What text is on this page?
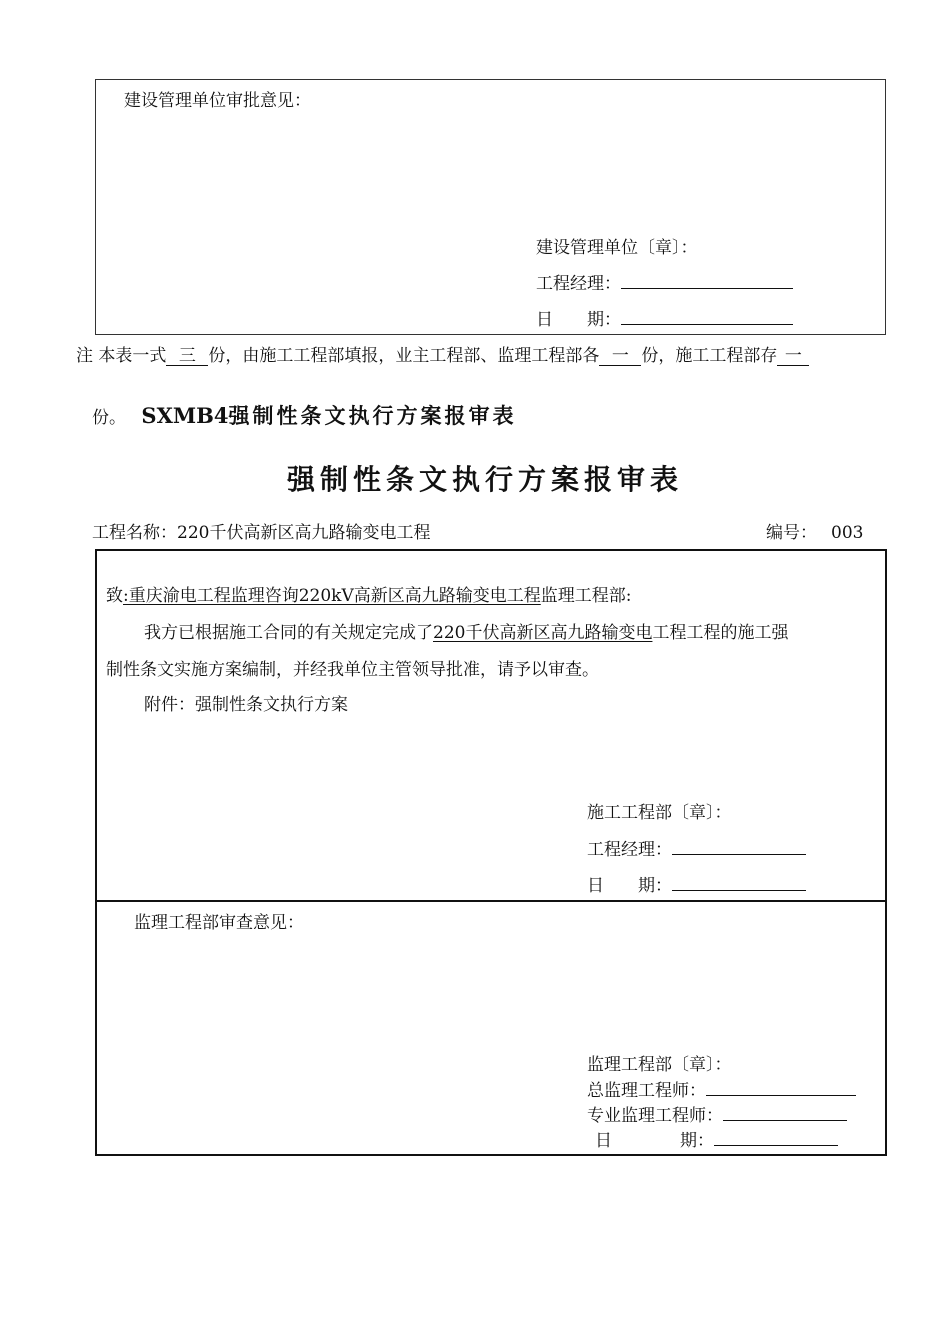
建设管理单位审批意见：
建设管理单位〔章〕：
工程经理：
日　　期：
注 本表一式 三 份，由施工工程部填报，业主工程部、监理工程部各 一 份，施工工程部存 一
份。 SXMB4强制性条文执行方案报审表
强制性条文执行方案报审表
工程名称：220千伏高新区高九路输变电工程	编号： 003
致:重庆渝电工程监理咨询220kV高新区高九路输变电工程监理工程部:
我方已根据施工合同的有关规定完成了220千伏高新区高九路输变电工程工程的施工强
制性条文实施方案编制，并经我单位主管领导批准，请予以审查。
附件：强制性条文执行方案
施工工程部〔章〕：
工程经理：
日　　期：
监理工程部审查意见：
监理工程部〔章〕：
总监理工程师：
专业监理工程师：
日　　　　期：
